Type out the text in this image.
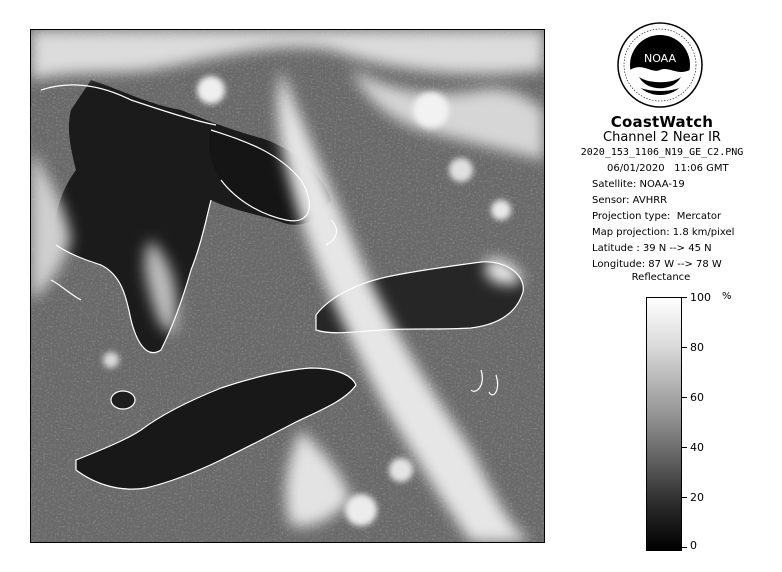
NOAA
CoastWatch
Channel 2 Near IR
2020_153_1106_N19_GE_C2.PNG
06/01/2020   11:06 GMT
Satellite: NOAA-19
Sensor: AVHRR
Projection type:  Mercator
Map projection: 1.8 km/pixel
Latitude : 39 N --> 45 N
Longitude: 87 W --> 78 W
Reflectance
%
100
80
60
40
20
0
